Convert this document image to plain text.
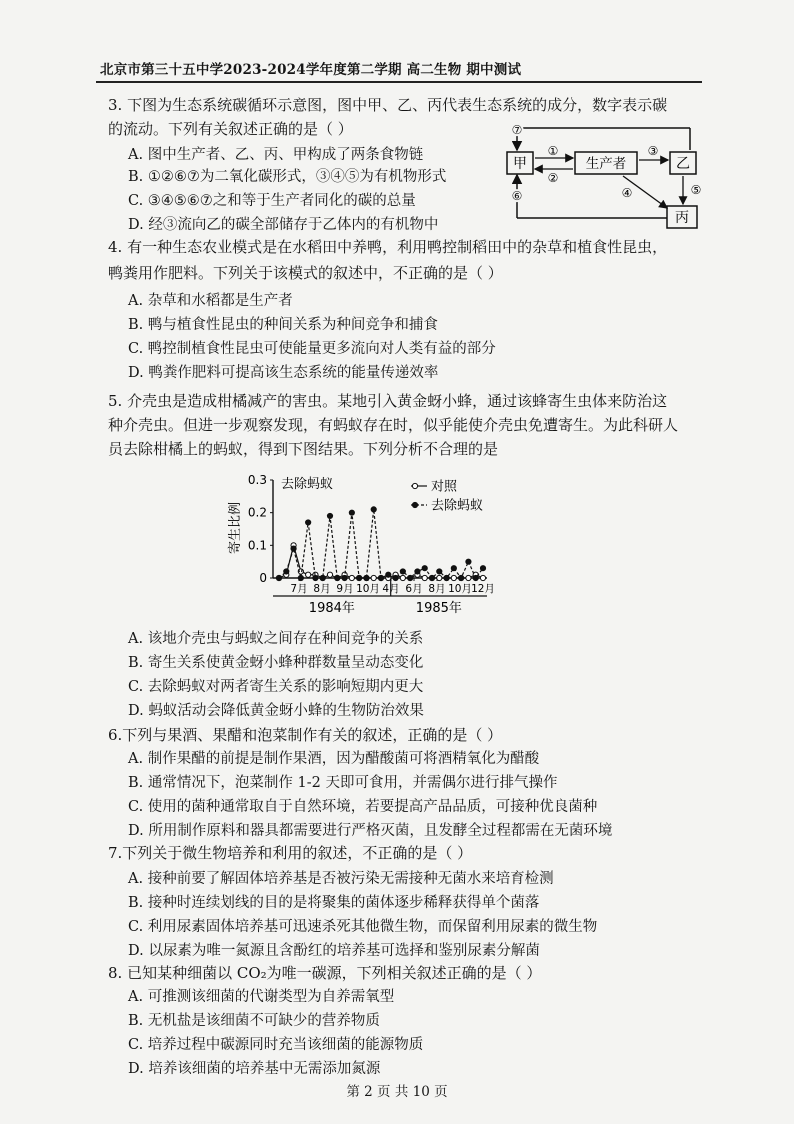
北京市第三十五中学2023-2024学年度第二学期 高二生物 期中测试
3. 下图为生态系统碳循环示意图，图中甲、乙、丙代表生态系统的成分，数字表示碳
的流动。下列有关叙述正确的是（ ）
A. 图中生产者、乙、丙、甲构成了两条食物链
B. ①②⑥⑦为二氧化碳形式，③④⑤为有机物形式
C. ③④⑤⑥⑦之和等于生产者同化的碳的总量
D. 经③流向乙的碳全部储存于乙体内的有机物中
甲	生产者	乙
丙
⑦
①
②
③
④	⑤
⑥
4. 有一种生态农业模式是在水稻田中养鸭，利用鸭控制稻田中的杂草和植食性昆虫，
鸭粪用作肥料。下列关于该模式的叙述中，不正确的是（ ）
A. 杂草和水稻都是生产者
B. 鸭与植食性昆虫的种间关系为种间竞争和捕食
C. 鸭控制植食性昆虫可使能量更多流向对人类有益的部分
D. 鸭粪作肥料可提高该生态系统的能量传递效率
5. 介壳虫是造成柑橘减产的害虫。某地引入黄金蚜小蜂，通过该蜂寄生虫体来防治这
种介壳虫。但进一步观察发现，有蚂蚁存在时，似乎能使介壳虫免遭寄生。为此科研人
员去除柑橘上的蚂蚁，得到下图结果。下列分析不合理的是
寄生比例
0
0.1
0.2
0.3
7月 8月 9月 10月 4月 6月 8月 10月 12月
1984年	1985年
对照
去除蚂蚁
去除蚂蚁
A. 该地介壳虫与蚂蚁之间存在种间竞争的关系
B. 寄生关系使黄金蚜小蜂种群数量呈动态变化
C. 去除蚂蚁对两者寄生关系的影响短期内更大
D. 蚂蚁活动会降低黄金蚜小蜂的生物防治效果
6.下列与果酒、果醋和泡菜制作有关的叙述，正确的是（ ）
A. 制作果醋的前提是制作果酒，因为醋酸菌可将酒精氧化为醋酸
B. 通常情况下，泡菜制作 1-2 天即可食用，并需偶尔进行排气操作
C. 使用的菌种通常取自于自然环境，若要提高产品品质，可接种优良菌种
D. 所用制作原料和器具都需要进行严格灭菌，且发酵全过程都需在无菌环境
7.下列关于微生物培养和利用的叙述，不正确的是（ ）
A. 接种前要了解固体培养基是否被污染无需接种无菌水来培育检测
B. 接种时连续划线的目的是将聚集的菌体逐步稀释获得单个菌落
C. 利用尿素固体培养基可迅速杀死其他微生物，而保留利用尿素的微生物
D. 以尿素为唯一氮源且含酚红的培养基可选择和鉴别尿素分解菌
8. 已知某种细菌以 CO₂为唯一碳源，下列相关叙述正确的是（ ）
A. 可推测该细菌的代谢类型为自养需氧型
B. 无机盐是该细菌不可缺少的营养物质
C. 培养过程中碳源同时充当该细菌的能源物质
D. 培养该细菌的培养基中无需添加氮源
第 2 页 共 10 页
